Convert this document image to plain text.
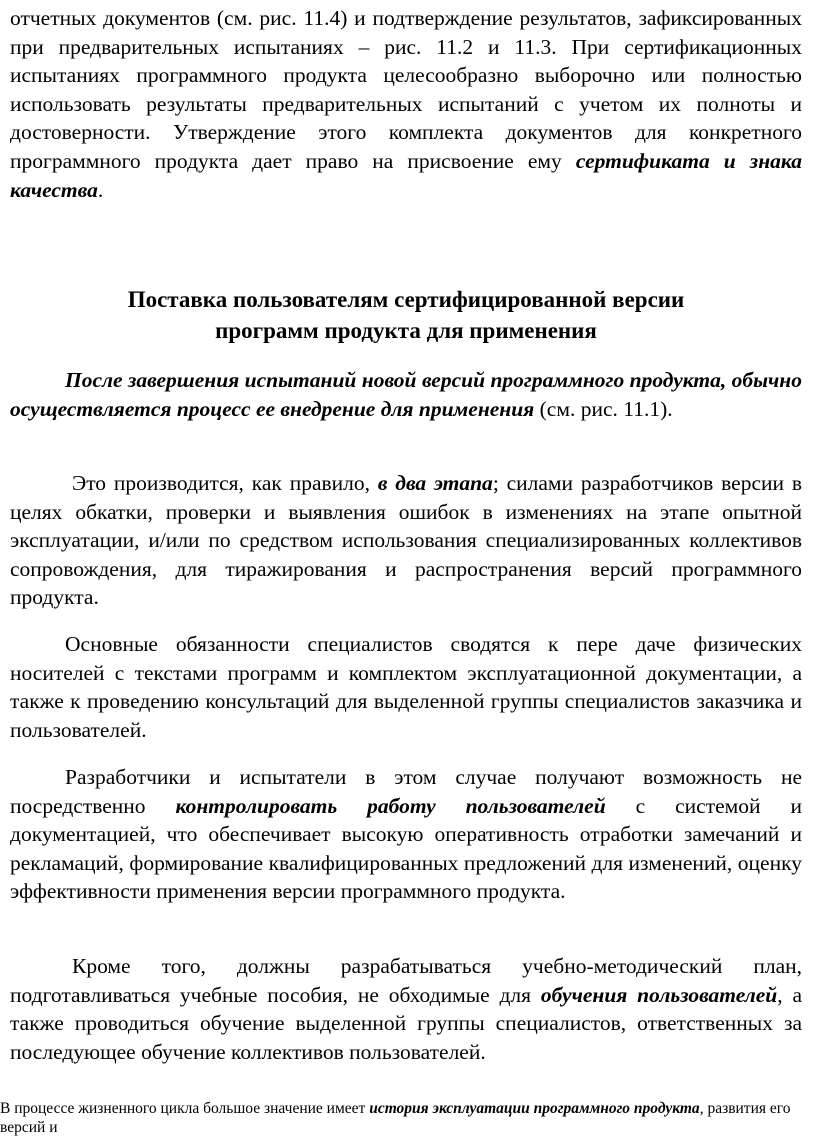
отчетных документов (см. рис. 11.4) и подтверждение результатов, зафиксированных при предварительных испытаниях – рис. 11.2 и 11.3. При сертификационных испытаниях программного продукта целесообразно выборочно или полностью использовать результаты предварительных испытаний с учетом их полноты и достоверности. Утверждение этого комплекта документов для конкретного программного продукта дает право на присвоение ему сертификата и знака качества.

Поставка пользователям сертифицированной версии
программ продукта для применения

После завершения испытаний новой версий программного продукта, обычно осуществляется процесс ее внедрение для применения (см. рис. 11.1).

Это производится, как правило, в два этапа; силами разработчиков версии в целях обкатки, проверки и выявления ошибок в изменениях на этапе опытной эксплуатации, и/или по средством использования специализированных коллективов сопровождения, для тиражирования и распространения версий программного продукта.

Основные обязанности специалистов сводятся к пере даче физических носителей с текстами программ и комплектом эксплуатационной документации, а также к проведению консультаций для выделенной группы специалистов заказчика и пользователей.

Разработчики и испытатели в этом случае получают возможность не посредственно контролировать работу пользователей с системой и документацией, что обеспечивает высокую оперативность отработки замечаний и рекламаций, формирование квалифицированных предложений для изменений, оценку эффективности применения версии программного продукта.

Кроме того, должны разрабатываться учебно-методический план, подготавливаться учебные пособия, не обходимые для обучения пользователей, а также проводиться обучение выделенной группы специалистов, ответственных за последующее обучение коллективов пользователей.

В процессе жизненного цикла большое значение имеет история эксплуатации программного продукта, развития его версий и
